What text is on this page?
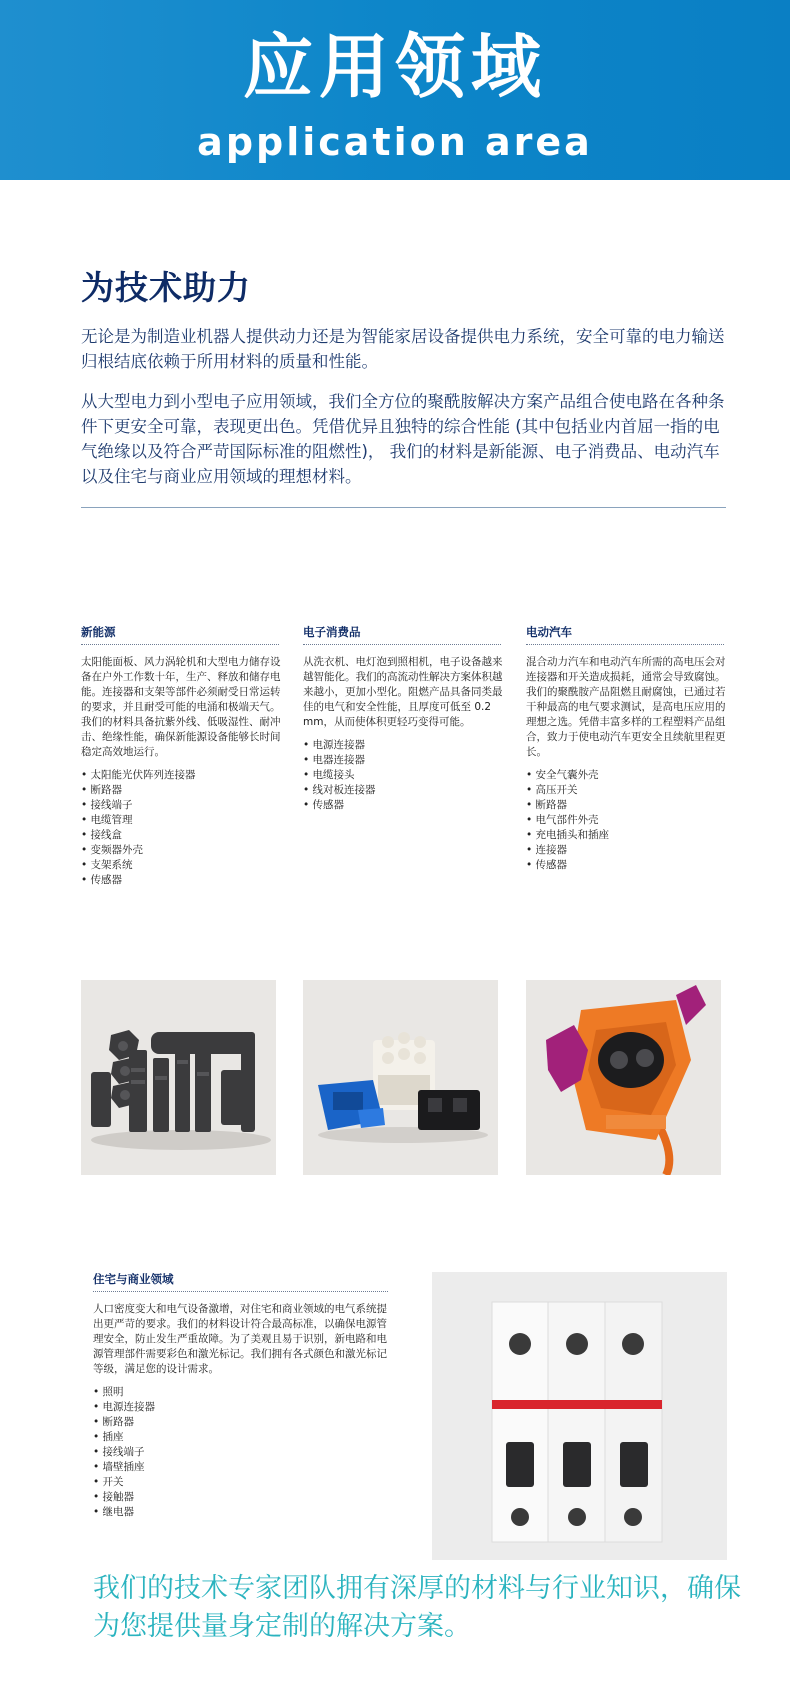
应用领域
application area
为技术助力

无论是为制造业机器人提供动力还是为智能家居设备提供电力系统，安全可靠的电力输送归根结底依赖于所用材料的质量和性能。

从大型电力到小型电子应用领域，我们全方位的聚酰胺解决方案产品组合使电路在各种条件下更安全可靠，表现更出色。凭借优异且独特的综合性能 (其中包括业内首屈一指的电气绝缘以及符合严苛国际标准的阻燃性)， 我们的材料是新能源、电子消费品、电动汽车以及住宅与商业应用领域的理想材料。

新能源

太阳能面板、风力涡轮机和大型电力储存设备在户外工作数十年，生产、释放和储存电能。连接器和支架等部件必须耐受日常运转的要求，并且耐受可能的电涌和极端天气。我们的材料具备抗紫外线、低吸湿性、耐冲击、绝缘性能，确保新能源设备能够长时间稳定高效地运行。

• 太阳能光伏阵列连接器
• 断路器
• 接线端子
• 电缆管理
• 接线盒
• 变频器外壳
• 支架系统
• 传感器
电子消费品

从洗衣机、电灯泡到照相机，电子设备越来越智能化。我们的高流动性解决方案体积越来越小，更加小型化。阻燃产品具备同类最佳的电气和安全性能，且厚度可低至 0.2 mm，从而使体积更轻巧变得可能。

• 电源连接器
• 电器连接器
• 电缆接头
• 线对板连接器
• 传感器
电动汽车

混合动力汽车和电动汽车所需的高电压会对连接器和开关造成损耗，通常会导致腐蚀。我们的聚酰胺产品阻燃且耐腐蚀，已通过若干种最高的电气要求测试，是高电压应用的理想之选。凭借丰富多样的工程塑料产品组合，致力于使电动汽车更安全且续航里程更长。

• 安全气囊外壳
• 高压开关
• 断路器
• 电气部件外壳
• 充电插头和插座
• 连接器
• 传感器
住宅与商业领域

人口密度变大和电气设备激增，对住宅和商业领域的电气系统提出更严苛的要求。我们的材料设计符合最高标准，以确保电源管理安全，防止发生严重故障。为了美观且易于识别，新电路和电源管理部件需要彩色和激光标记。我们拥有各式颜色和激光标记等级，满足您的设计需求。

• 照明
• 电源连接器
• 断路器
• 插座
• 接线端子
• 墙壁插座
• 开关
• 接触器
• 继电器

我们的技术专家团队拥有深厚的材料与行业知识，确保为您提供量身定制的解决方案。
